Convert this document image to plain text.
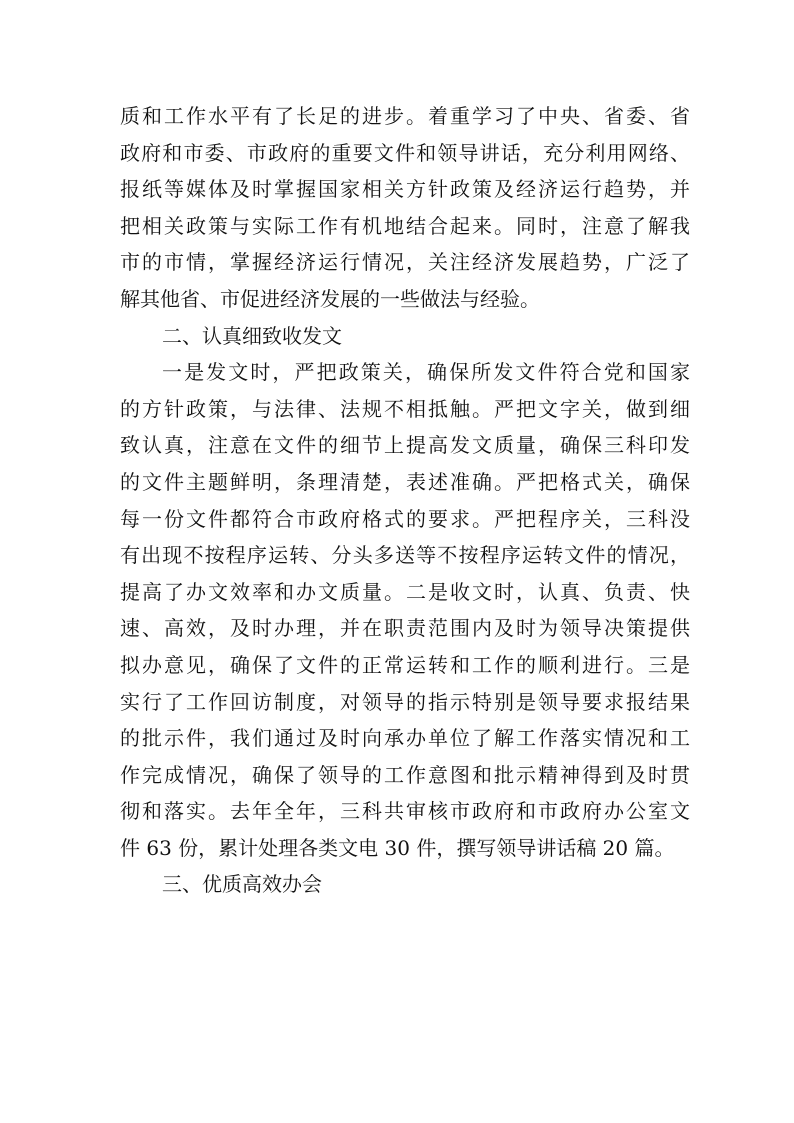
质和工作水平有了长足的进步。着重学习了中央、省委、省
政府和市委、市政府的重要文件和领导讲话，充分利用网络、
报纸等媒体及时掌握国家相关方针政策及经济运行趋势，并
把相关政策与实际工作有机地结合起来。同时，注意了解我
市的市情，掌握经济运行情况，关注经济发展趋势，广泛了
解其他省、市促进经济发展的一些做法与经验。
二、认真细致收发文
一是发文时，严把政策关，确保所发文件符合党和国家
的方针政策，与法律、法规不相抵触。严把文字关，做到细
致认真，注意在文件的细节上提高发文质量，确保三科印发
的文件主题鲜明，条理清楚，表述准确。严把格式关，确保
每一份文件都符合市政府格式的要求。严把程序关，三科没
有出现不按程序运转、分头多送等不按程序运转文件的情况，
提高了办文效率和办文质量。二是收文时，认真、负责、快
速、高效，及时办理，并在职责范围内及时为领导决策提供
拟办意见，确保了文件的正常运转和工作的顺利进行。三是
实行了工作回访制度，对领导的指示特别是领导要求报结果
的批示件，我们通过及时向承办单位了解工作落实情况和工
作完成情况，确保了领导的工作意图和批示精神得到及时贯
彻和落实。去年全年，三科共审核市政府和市政府办公室文
件 63 份，累计处理各类文电 30 件，撰写领导讲话稿 20 篇。
三、优质高效办会
